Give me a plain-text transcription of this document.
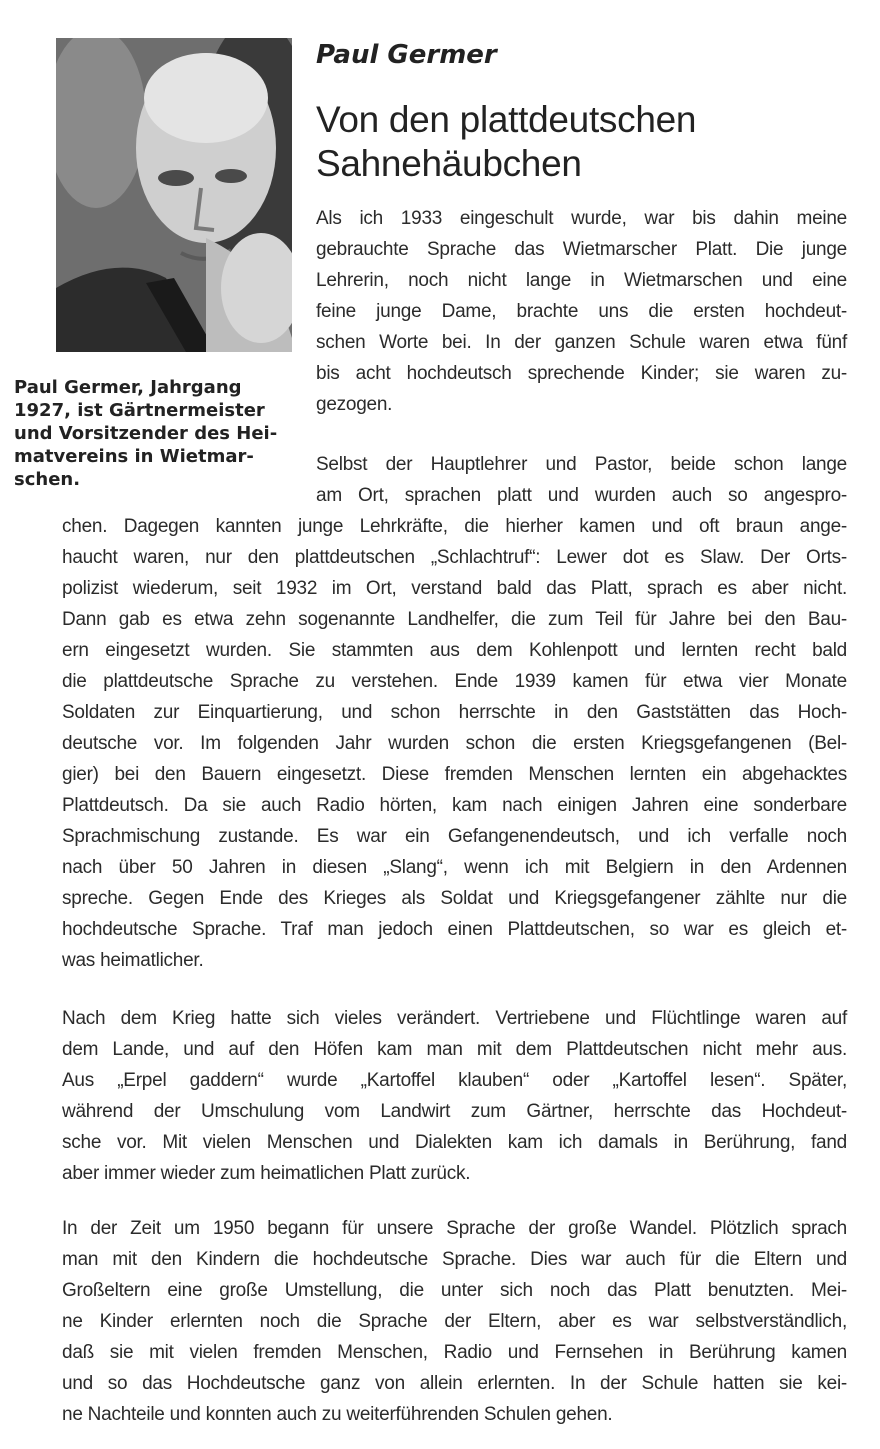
Paul Germer, Jahrgang
1927, ist Gärtnermeister
und Vorsitzender des Hei-
matvereins in Wietmar-
schen.
Paul Germer
Von den plattdeutschen
Sahnehäubchen
Als ich 1933 eingeschult wurde, war bis dahin meine
gebrauchte Sprache das Wietmarscher Platt. Die junge
Lehrerin, noch nicht lange in Wietmarschen und eine
feine junge Dame, brachte uns die ersten hochdeut-
schen Worte bei. In der ganzen Schule waren etwa fünf
bis acht hochdeutsch sprechende Kinder; sie waren zu-
gezogen.
Selbst der Hauptlehrer und Pastor, beide schon lange
am Ort, sprachen platt und wurden auch so angespro-
chen. Dagegen kannten junge Lehrkräfte, die hierher kamen und oft braun ange-
haucht waren, nur den plattdeutschen „Schlachtruf“: Lewer dot es Slaw. Der Orts-
polizist wiederum, seit 1932 im Ort, verstand bald das Platt, sprach es aber nicht.
Dann gab es etwa zehn sogenannte Landhelfer, die zum Teil für Jahre bei den Bau-
ern eingesetzt wurden. Sie stammten aus dem Kohlenpott und lernten recht bald
die plattdeutsche Sprache zu verstehen. Ende 1939 kamen für etwa vier Monate
Soldaten zur Einquartierung, und schon herrschte in den Gaststätten das Hoch-
deutsche vor. Im folgenden Jahr wurden schon die ersten Kriegsgefangenen (Bel-
gier) bei den Bauern eingesetzt. Diese fremden Menschen lernten ein abgehacktes
Plattdeutsch. Da sie auch Radio hörten, kam nach einigen Jahren eine sonderbare
Sprachmischung zustande. Es war ein Gefangenendeutsch, und ich verfalle noch
nach über 50 Jahren in diesen „Slang“, wenn ich mit Belgiern in den Ardennen
spreche. Gegen Ende des Krieges als Soldat und Kriegsgefangener zählte nur die
hochdeutsche Sprache. Traf man jedoch einen Plattdeutschen, so war es gleich et-
was heimatlicher.
Nach dem Krieg hatte sich vieles verändert. Vertriebene und Flüchtlinge waren auf
dem Lande, und auf den Höfen kam man mit dem Plattdeutschen nicht mehr aus.
Aus „Erpel gaddern“ wurde „Kartoffel klauben“ oder „Kartoffel lesen“. Später,
während der Umschulung vom Landwirt zum Gärtner, herrschte das Hochdeut-
sche vor. Mit vielen Menschen und Dialekten kam ich damals in Berührung, fand
aber immer wieder zum heimatlichen Platt zurück.
In der Zeit um 1950 begann für unsere Sprache der große Wandel. Plötzlich sprach
man mit den Kindern die hochdeutsche Sprache. Dies war auch für die Eltern und
Großeltern eine große Umstellung, die unter sich noch das Platt benutzten. Mei-
ne Kinder erlernten noch die Sprache der Eltern, aber es war selbstverständlich,
daß sie mit vielen fremden Menschen, Radio und Fernsehen in Berührung kamen
und so das Hochdeutsche ganz von allein erlernten. In der Schule hatten sie kei-
ne Nachteile und konnten auch zu weiterführenden Schulen gehen.
